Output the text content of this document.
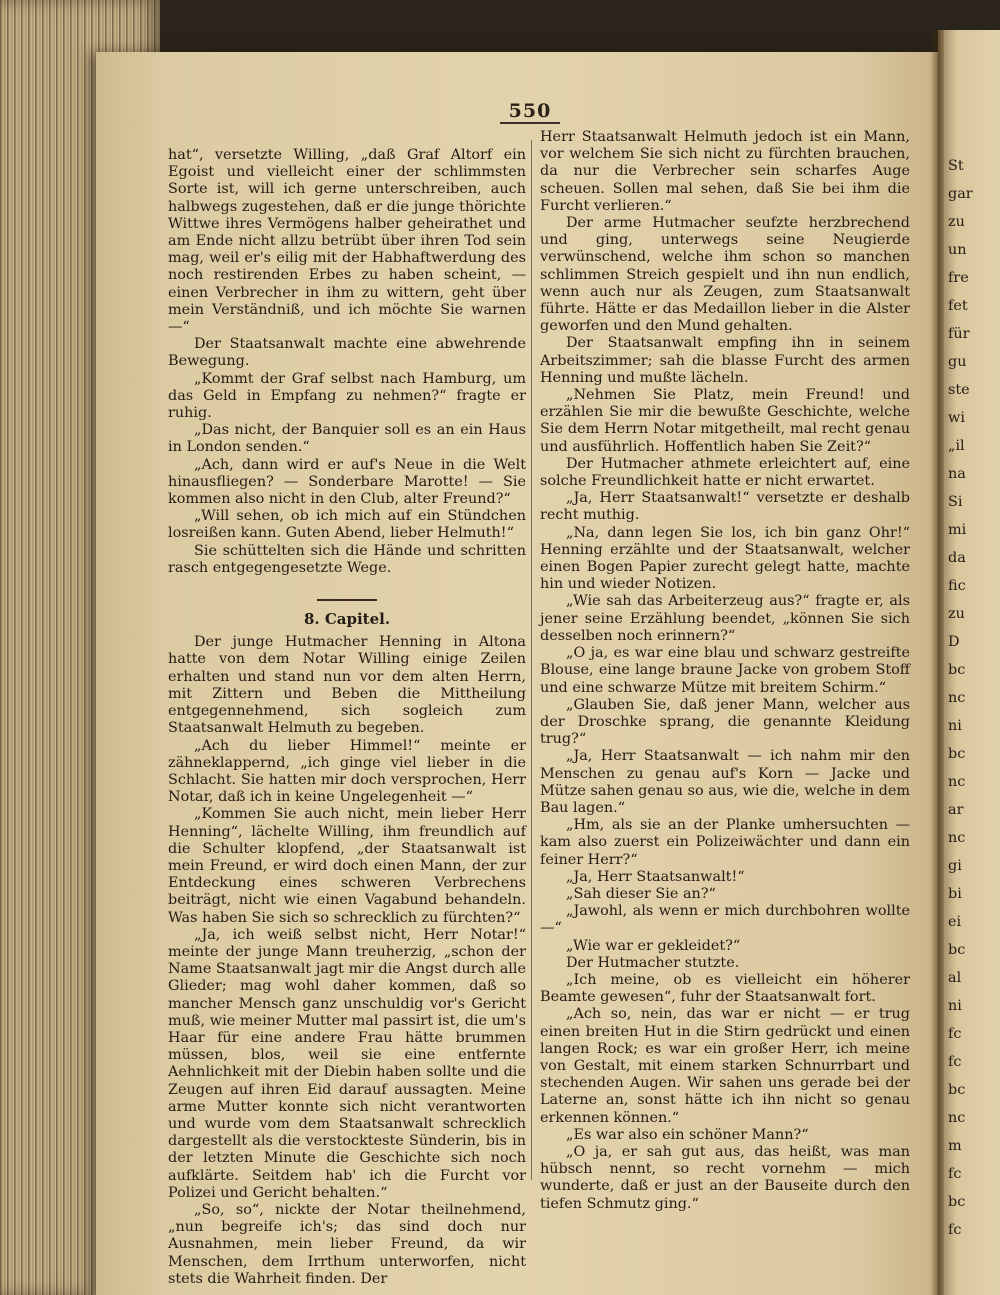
St
gar
zu
un
fre
fet
für
gu
ste
wi
„il
na
Si
mi
da
fic
zu
D
bc
nc
ni
bc
nc
ar
nc
gi
bi
ei
bc
al
ni
fc
fc
bc
nc
m
fc
bc
fc
550

hat“, versetzte Willing, „daß Graf Altorf ein Egoist und vielleicht einer der schlimmsten Sorte ist, will ich gerne unterschreiben, auch halbwegs zugestehen, daß er die junge thörichte Wittwe ihres Vermögens halber geheirathet und am Ende nicht allzu betrübt über ihren Tod sein mag, weil er's eilig mit der Habhaftwerdung des noch restirenden Erbes zu haben scheint, — einen Verbrecher in ihm zu wittern, geht über mein Verständniß, und ich möchte Sie warnen —“

Der Staatsanwalt machte eine abwehrende Bewegung.

„Kommt der Graf selbst nach Hamburg, um das Geld in Empfang zu nehmen?“ fragte er ruhig.

„Das nicht, der Banquier soll es an ein Haus in London senden.“

„Ach, dann wird er auf's Neue in die Welt hinausfliegen? — Sonderbare Marotte! — Sie kommen also nicht in den Club, alter Freund?“

„Will sehen, ob ich mich auf ein Stündchen losreißen kann. Guten Abend, lieber Helmuth!“

Sie schüttelten sich die Hände und schritten rasch entgegengesetzte Wege.

8. Capitel.

Der junge Hutmacher Henning in Altona hatte von dem Notar Willing einige Zeilen erhalten und stand nun vor dem alten Herrn, mit Zittern und Beben die Mittheilung entgegennehmend, sich sogleich zum Staatsanwalt Helmuth zu begeben.

„Ach du lieber Himmel!“ meinte er zähneklappernd, „ich ginge viel lieber in die Schlacht. Sie hatten mir doch versprochen, Herr Notar, daß ich in keine Ungelegenheit —“

„Kommen Sie auch nicht, mein lieber Herr Henning“, lächelte Willing, ihm freundlich auf die Schulter klopfend, „der Staatsanwalt ist mein Freund, er wird doch einen Mann, der zur Entdeckung eines schweren Verbrechens beiträgt, nicht wie einen Vagabund behandeln. Was haben Sie sich so schrecklich zu fürchten?“

„Ja, ich weiß selbst nicht, Herr Notar!“ meinte der junge Mann treuherzig, „schon der Name Staatsanwalt jagt mir die Angst durch alle Glieder; mag wohl daher kommen, daß so mancher Mensch ganz unschuldig vor's Gericht muß, wie meiner Mutter mal passirt ist, die um's Haar für eine andere Frau hätte brummen müssen, blos, weil sie eine entfernte Aehnlichkeit mit der Diebin haben sollte und die Zeugen auf ihren Eid darauf aussagten. Meine arme Mutter konnte sich nicht verantworten und wurde vom dem Staatsanwalt schrecklich dargestellt als die verstockteste Sünderin, bis in der letzten Minute die Geschichte sich noch aufklärte. Seitdem hab' ich die Furcht vor Polizei und Gericht behalten.“

„So, so“, nickte der Notar theilnehmend, „nun begreife ich's; das sind doch nur Ausnahmen, mein lieber Freund, da wir Menschen, dem Irrthum unterworfen, nicht stets die Wahrheit finden. Der

Herr Staatsanwalt Helmuth jedoch ist ein Mann, vor welchem Sie sich nicht zu fürchten brauchen, da nur die Verbrecher sein scharfes Auge scheuen. Sollen mal sehen, daß Sie bei ihm die Furcht verlieren.“

Der arme Hutmacher seufzte herzbrechend und ging, unterwegs seine Neugierde verwünschend, welche ihm schon so manchen schlimmen Streich gespielt und ihn nun endlich, wenn auch nur als Zeugen, zum Staatsanwalt führte. Hätte er das Medaillon lieber in die Alster geworfen und den Mund gehalten.

Der Staatsanwalt empfing ihn in seinem Arbeitszimmer; sah die blasse Furcht des armen Henning und mußte lächeln.

„Nehmen Sie Platz, mein Freund! und erzählen Sie mir die bewußte Geschichte, welche Sie dem Herrn Notar mitgetheilt, mal recht genau und ausführlich. Hoffentlich haben Sie Zeit?“

Der Hutmacher athmete erleichtert auf, eine solche Freundlichkeit hatte er nicht erwartet.

„Ja, Herr Staatsanwalt!“ versetzte er deshalb recht muthig.

„Na, dann legen Sie los, ich bin ganz Ohr!“ Henning erzählte und der Staatsanwalt, welcher einen Bogen Papier zurecht gelegt hatte, machte hin und wieder Notizen.

„Wie sah das Arbeiterzeug aus?“ fragte er, als jener seine Erzählung beendet, „können Sie sich desselben noch erinnern?“

„O ja, es war eine blau und schwarz gestreifte Blouse, eine lange braune Jacke von grobem Stoff und eine schwarze Mütze mit breitem Schirm.“

„Glauben Sie, daß jener Mann, welcher aus der Droschke sprang, die genannte Kleidung trug?“

„Ja, Herr Staatsanwalt — ich nahm mir den Menschen zu genau auf's Korn — Jacke und Mütze sahen genau so aus, wie die, welche in dem Bau lagen.“

„Hm, als sie an der Planke umhersuchten — kam also zuerst ein Polizeiwächter und dann ein feiner Herr?“

„Ja, Herr Staatsanwalt!“

„Sah dieser Sie an?“

„Jawohl, als wenn er mich durchbohren wollte —“

„Wie war er gekleidet?“

Der Hutmacher stutzte.

„Ich meine, ob es vielleicht ein höherer Beamte gewesen“, fuhr der Staatsanwalt fort.

„Ach so, nein, das war er nicht — er trug einen breiten Hut in die Stirn gedrückt und einen langen Rock; es war ein großer Herr, ich meine von Gestalt, mit einem starken Schnurrbart und stechenden Augen. Wir sahen uns gerade bei der Laterne an, sonst hätte ich ihn nicht so genau erkennen können.“

„Es war also ein schöner Mann?“

„O ja, er sah gut aus, das heißt, was man hübsch nennt, so recht vornehm — mich wunderte, daß er just an der Bauseite durch den tiefen Schmutz ging.“
